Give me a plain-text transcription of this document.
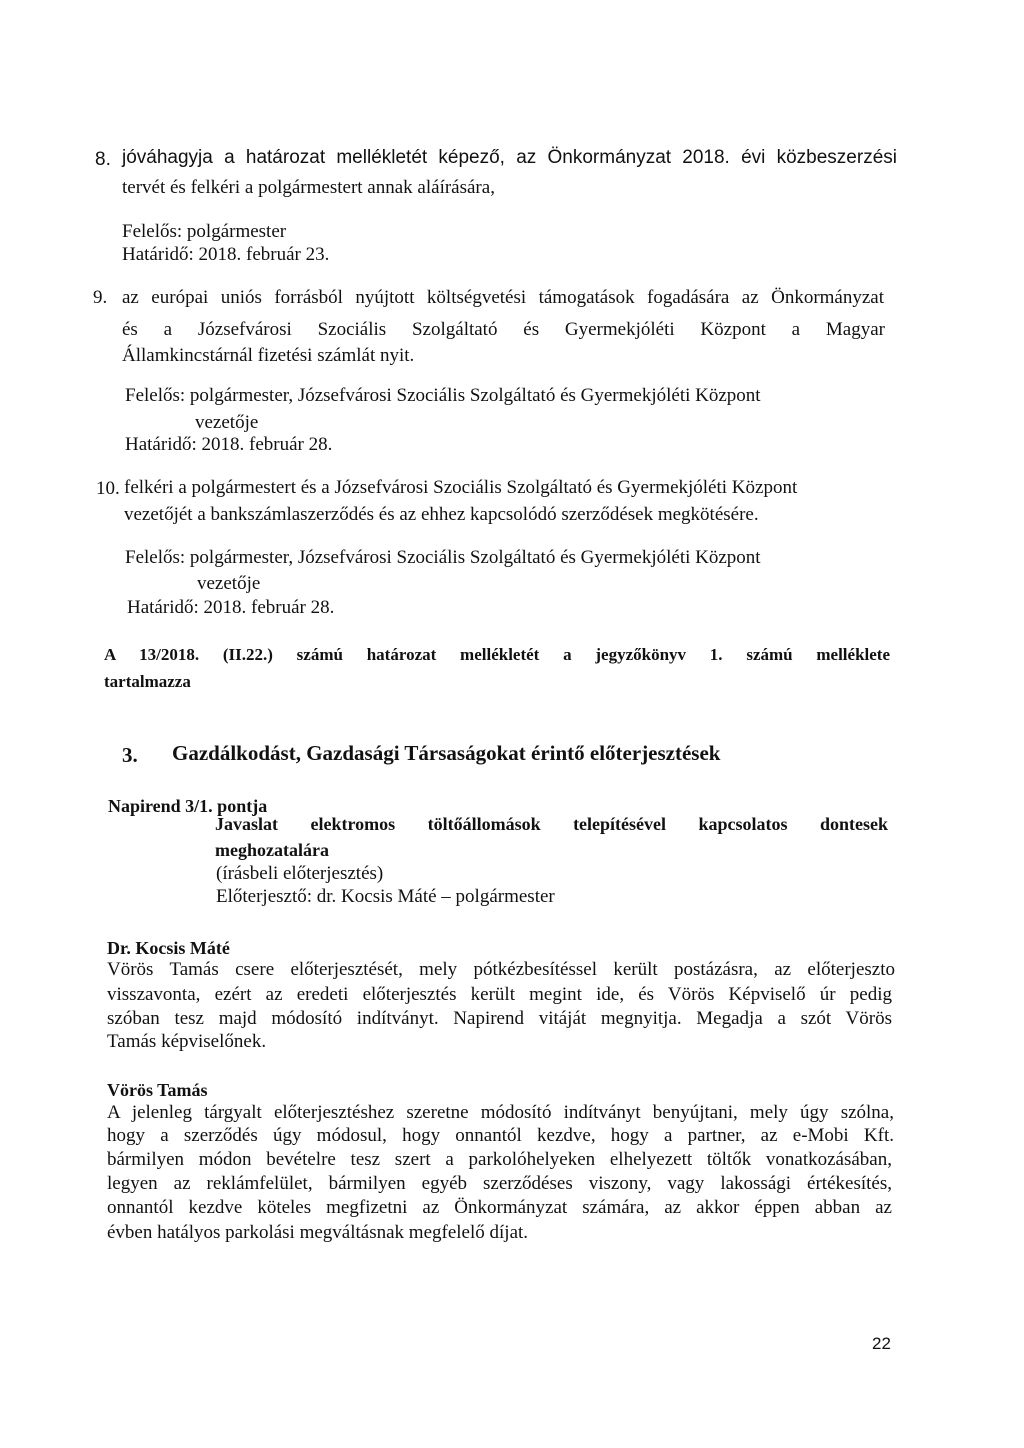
8. jóváhagyja a határozat mellékletét képező, az Önkormányzat 2018. évi közbeszerzési
tervét és felkéri a polgármestert annak aláírására,
Felelős: polgármester
Határidő: 2018. február 23.
9. az európai uniós forrásból nyújtott költségvetési támogatások fogadására az Önkormányzat
és a Józsefvárosi Szociális Szolgáltató és Gyermekjóléti Központ a Magyar
Államkincstárnál fizetési számlát nyit.
Felelős: polgármester, Józsefvárosi Szociális Szolgáltató és Gyermekjóléti Központ
vezetője
Határidő: 2018. február 28.
10. felkéri a polgármestert és a Józsefvárosi Szociális Szolgáltató és Gyermekjóléti Központ
vezetőjét a bankszámlaszerződés és az ehhez kapcsolódó szerződések megkötésére.
Felelős: polgármester, Józsefvárosi Szociális Szolgáltató és Gyermekjóléti Központ
vezetője
Határidő: 2018. február 28.
A 13/2018. (II.22.) számú határozat mellékletét a jegyzőkönyv 1. számú melléklete
tartalmazza
3. Gazdálkodást, Gazdasági Társaságokat érintő előterjesztések
Napirend 3/1. pontja
Javaslat elektromos töltőállomások telepítésével kapcsolatos dontesek
meghozatalára
(írásbeli előterjesztés)
Előterjesztő: dr. Kocsis Máté – polgármester
Dr. Kocsis Máté
Vörös Tamás csere előterjesztését, mely pótkézbesítéssel került postázásra, az előterjeszto
visszavonta, ezért az eredeti előterjesztés került megint ide, és Vörös Képviselő úr pedig
szóban tesz majd módosító indítványt. Napirend vitáját megnyitja. Megadja a szót Vörös
Tamás képviselőnek.
Vörös Tamás
A jelenleg tárgyalt előterjesztéshez szeretne módosító indítványt benyújtani, mely úgy szólna,
hogy a szerződés úgy módosul, hogy onnantól kezdve, hogy a partner, az e-Mobi Kft.
bármilyen módon bevételre tesz szert a parkolóhelyeken elhelyezett töltők vonatkozásában,
legyen az reklámfelület, bármilyen egyéb szerződéses viszony, vagy lakossági értékesítés,
onnantól kezdve köteles megfizetni az Önkormányzat számára, az akkor éppen abban az
évben hatályos parkolási megváltásnak megfelelő díjat.
22
